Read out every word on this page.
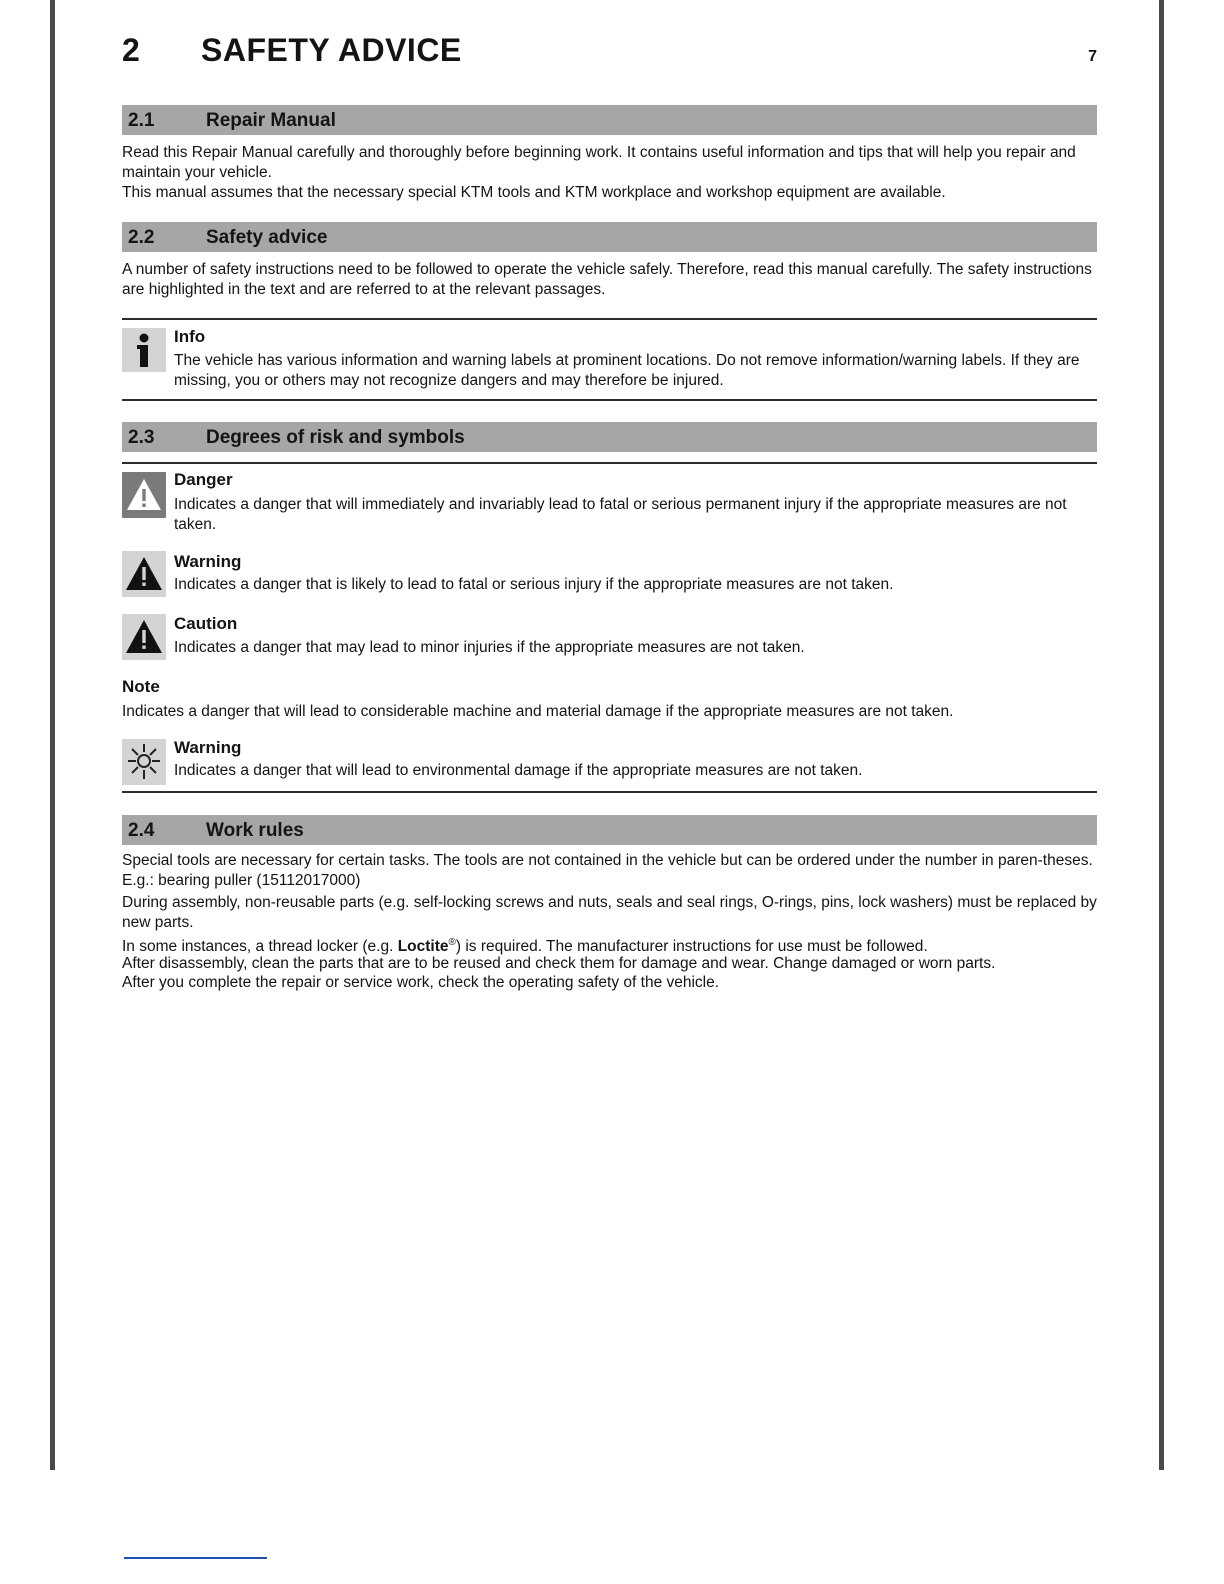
2 SAFETY ADVICE	7
2.1	Repair Manual
Read this Repair Manual carefully and thoroughly before beginning work. It contains useful information and tips that will help you repair and maintain your vehicle.
This manual assumes that the necessary special KTM tools and KTM workplace and workshop equipment are available.
2.2	Safety advice
A number of safety instructions need to be followed to operate the vehicle safely. Therefore, read this manual carefully. The safety instructions are highlighted in the text and are referred to at the relevant passages.
Info
The vehicle has various information and warning labels at prominent locations. Do not remove information/warning labels. If they are missing, you or others may not recognize dangers and may therefore be injured.
2.3	Degrees of risk and symbols
Danger
Indicates a danger that will immediately and invariably lead to fatal or serious permanent injury if the appropriate measures are not taken.
Warning
Indicates a danger that is likely to lead to fatal or serious injury if the appropriate measures are not taken.
Caution
Indicates a danger that may lead to minor injuries if the appropriate measures are not taken.
Note
Indicates a danger that will lead to considerable machine and material damage if the appropriate measures are not taken.
Warning
Indicates a danger that will lead to environmental damage if the appropriate measures are not taken.
2.4	Work rules
Special tools are necessary for certain tasks. The tools are not contained in the vehicle but can be ordered under the number in paren-theses. E.g.: bearing puller (15112017000)
During assembly, non-reusable parts (e.g. self-locking screws and nuts, seals and seal rings, O-rings, pins, lock washers) must be replaced by new parts.
In some instances, a thread locker (e.g. Loctite®) is required. The manufacturer instructions for use must be followed.
After disassembly, clean the parts that are to be reused and check them for damage and wear. Change damaged or worn parts.
After you complete the repair or service work, check the operating safety of the vehicle.
